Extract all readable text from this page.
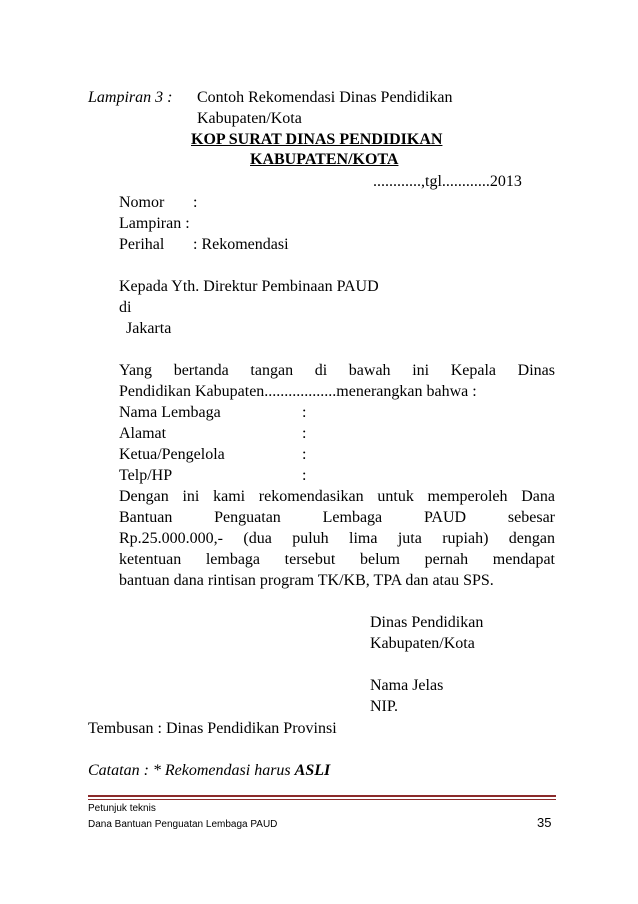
Lampiran 3 : Contoh Rekomendasi Dinas Pendidikan
Kabupaten/Kota
KOP SURAT DINAS PENDIDIKAN
KABUPATEN/KOTA
............,tgl............2013
Nomor :
Lampiran :
Perihal : Rekomendasi
Kepada Yth. Direktur Pembinaan PAUD
di
Jakarta
Yang bertanda tangan di bawah ini Kepala Dinas
Pendidikan Kabupaten..................menerangkan bahwa :
Nama Lembaga	:
Alamat	:
Ketua/Pengelola	:
Telp/HP	:
Dengan ini kami rekomendasikan untuk memperoleh Dana
Bantuan Penguatan Lembaga PAUD sebesar
Rp.25.000.000,- (dua puluh lima juta rupiah) dengan
ketentuan lembaga tersebut belum pernah mendapat
bantuan dana rintisan program TK/KB, TPA dan atau SPS.
Dinas Pendidikan
Kabupaten/Kota
Nama Jelas
NIP.
Tembusan : Dinas Pendidikan Provinsi
Catatan : * Rekomendasi harus ASLI
Petunjuk teknis
Dana Bantuan Penguatan Lembaga PAUD	35
